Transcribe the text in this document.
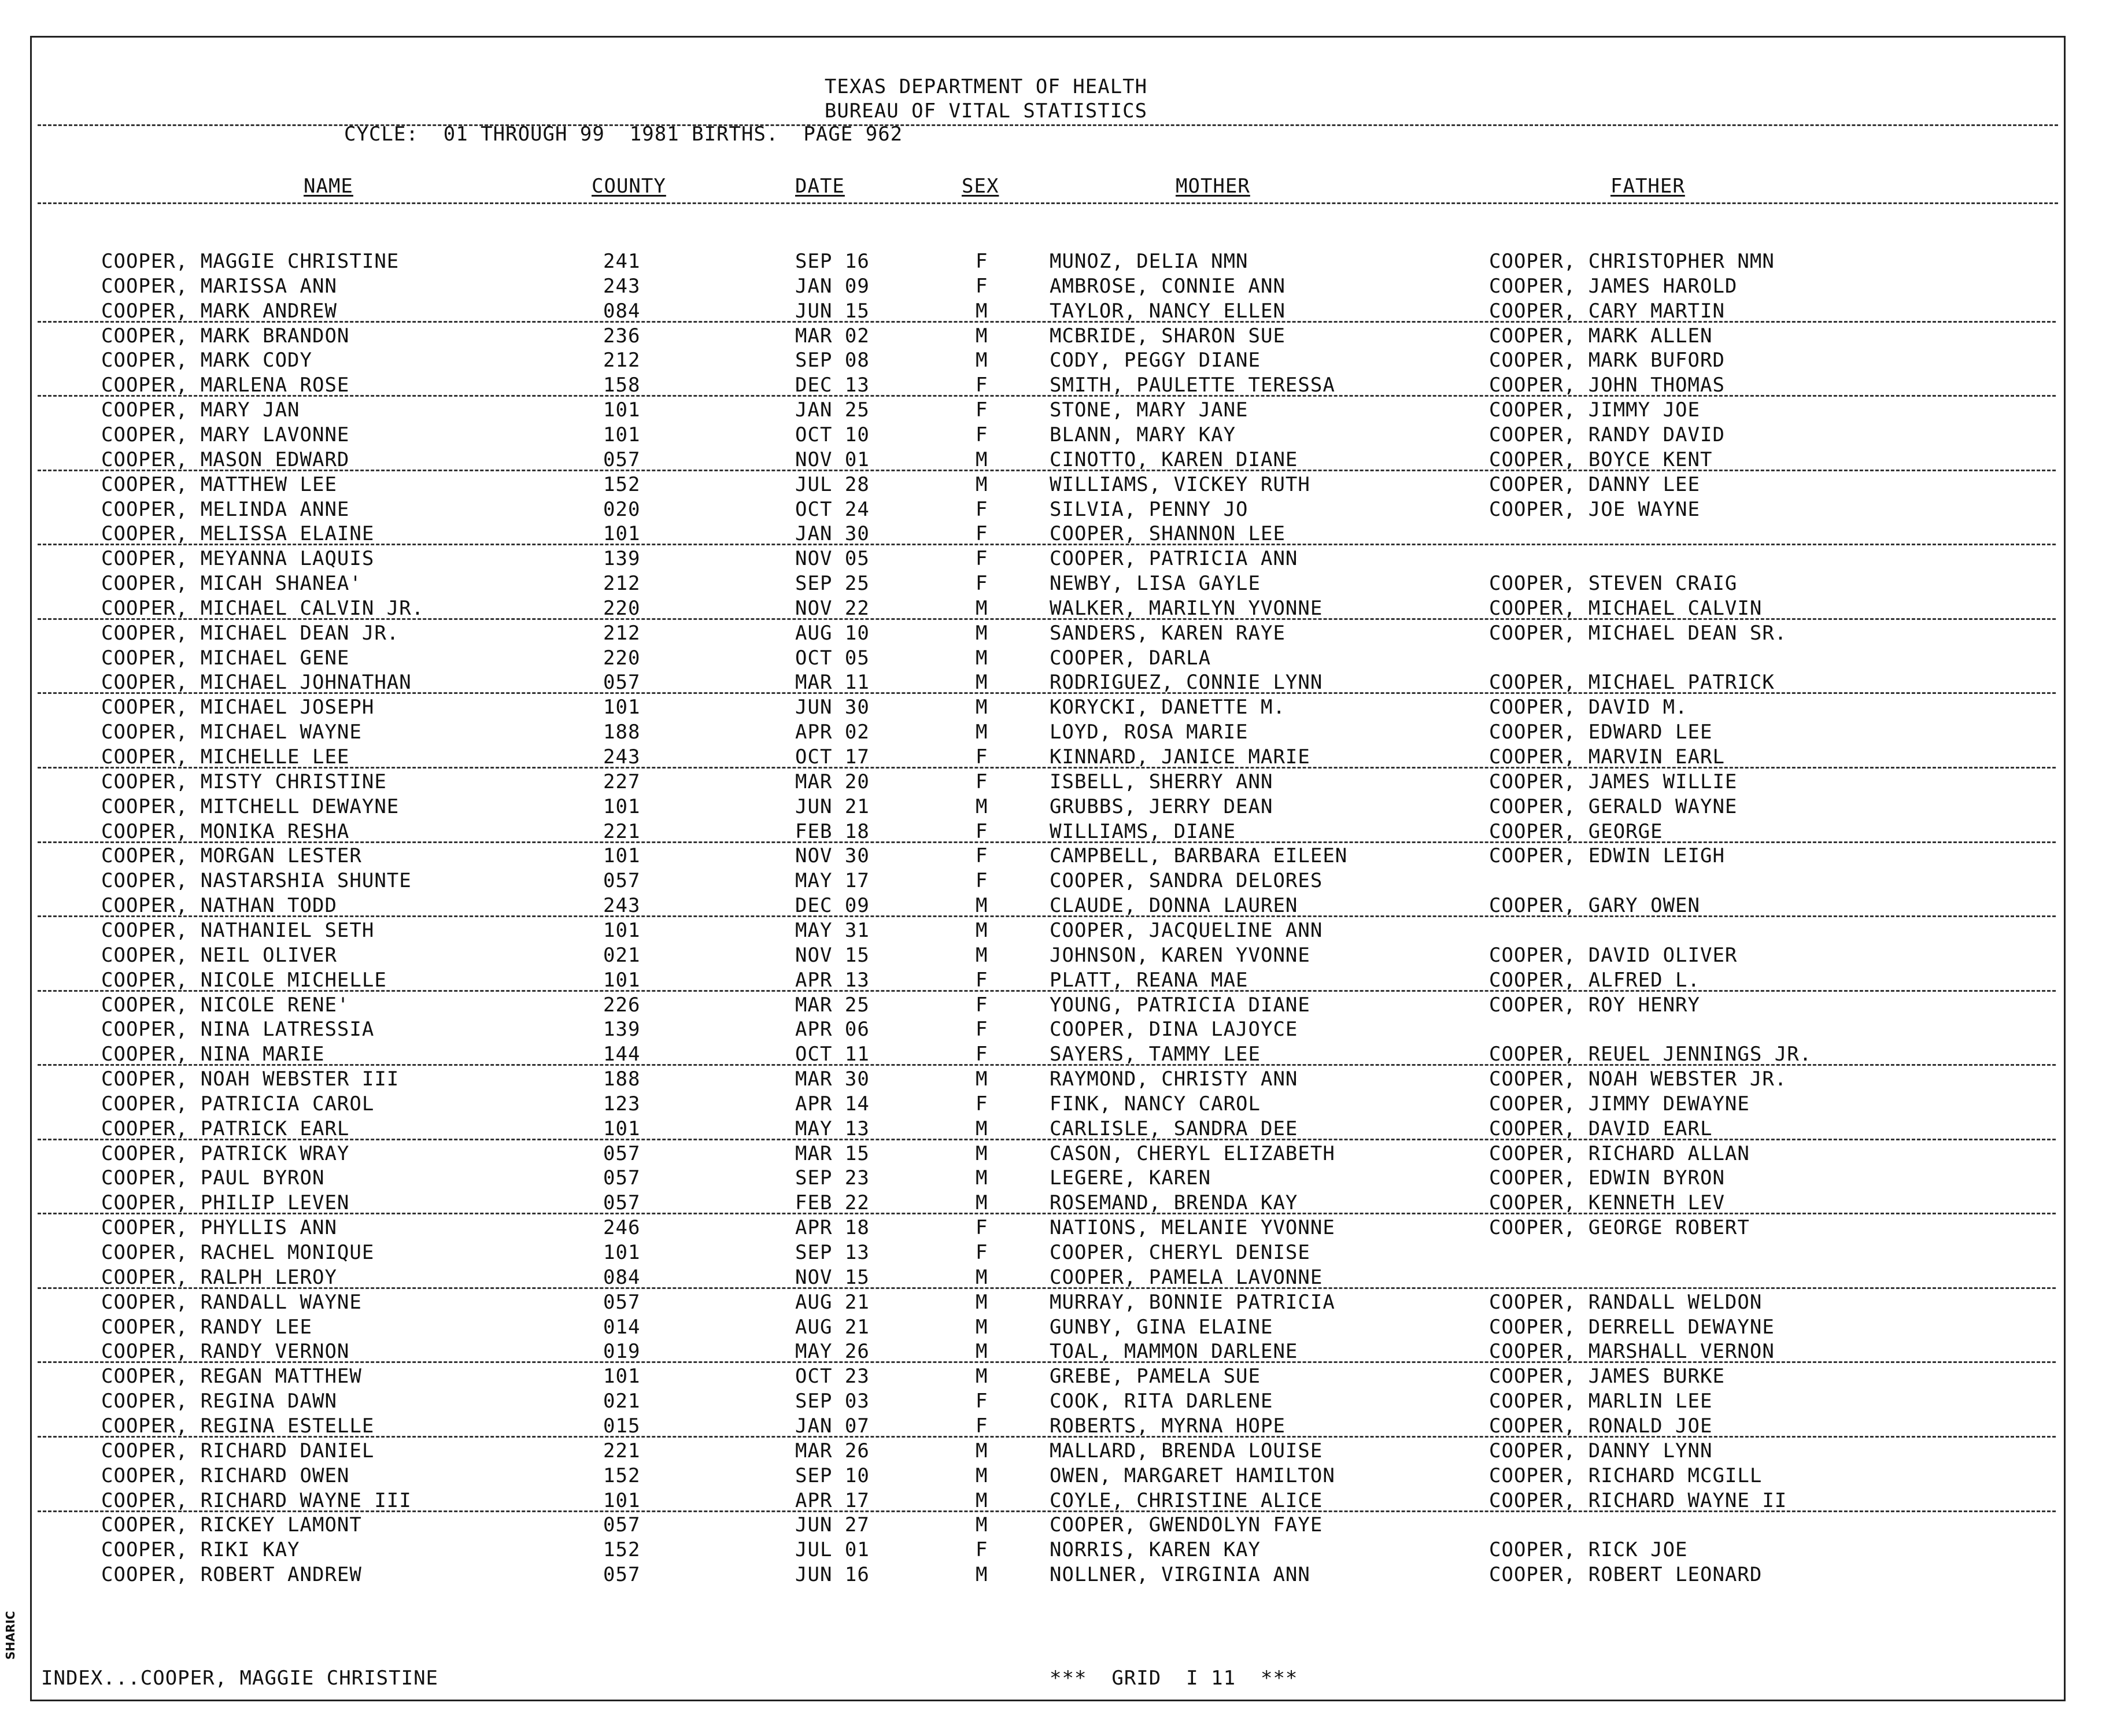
TEXAS DEPARTMENT OF HEALTH
BUREAU OF VITAL STATISTICS
CYCLE:  01 THROUGH 99  1981 BIRTHS.  PAGE 962
NAME	COUNTY	DATE	SEX	MOTHER	FATHER
COOPER, MAGGIE CHRISTINE	241	SEP 16	F	MUNOZ, DELIA NMN	COOPER, CHRISTOPHER NMN
COOPER, MARISSA ANN	243	JAN 09	F	AMBROSE, CONNIE ANN	COOPER, JAMES HAROLD
COOPER, MARK ANDREW	084	JUN 15	M	TAYLOR, NANCY ELLEN	COOPER, CARY MARTIN
COOPER, MARK BRANDON	236	MAR 02	M	MCBRIDE, SHARON SUE	COOPER, MARK ALLEN
COOPER, MARK CODY	212	SEP 08	M	CODY, PEGGY DIANE	COOPER, MARK BUFORD
COOPER, MARLENA ROSE	158	DEC 13	F	SMITH, PAULETTE TERESSA	COOPER, JOHN THOMAS
COOPER, MARY JAN	101	JAN 25	F	STONE, MARY JANE	COOPER, JIMMY JOE
COOPER, MARY LAVONNE	101	OCT 10	F	BLANN, MARY KAY	COOPER, RANDY DAVID
COOPER, MASON EDWARD	057	NOV 01	M	CINOTTO, KAREN DIANE	COOPER, BOYCE KENT
COOPER, MATTHEW LEE	152	JUL 28	M	WILLIAMS, VICKEY RUTH	COOPER, DANNY LEE
COOPER, MELINDA ANNE	020	OCT 24	F	SILVIA, PENNY JO	COOPER, JOE WAYNE
COOPER, MELISSA ELAINE	101	JAN 30	F	COOPER, SHANNON LEE
COOPER, MEYANNA LAQUIS	139	NOV 05	F	COOPER, PATRICIA ANN
COOPER, MICAH SHANEA'	212	SEP 25	F	NEWBY, LISA GAYLE	COOPER, STEVEN CRAIG
COOPER, MICHAEL CALVIN JR.	220	NOV 22	M	WALKER, MARILYN YVONNE	COOPER, MICHAEL CALVIN
COOPER, MICHAEL DEAN JR.	212	AUG 10	M	SANDERS, KAREN RAYE	COOPER, MICHAEL DEAN SR.
COOPER, MICHAEL GENE	220	OCT 05	M	COOPER, DARLA
COOPER, MICHAEL JOHNATHAN	057	MAR 11	M	RODRIGUEZ, CONNIE LYNN	COOPER, MICHAEL PATRICK
COOPER, MICHAEL JOSEPH	101	JUN 30	M	KORYCKI, DANETTE M.	COOPER, DAVID M.
COOPER, MICHAEL WAYNE	188	APR 02	M	LOYD, ROSA MARIE	COOPER, EDWARD LEE
COOPER, MICHELLE LEE	243	OCT 17	F	KINNARD, JANICE MARIE	COOPER, MARVIN EARL
COOPER, MISTY CHRISTINE	227	MAR 20	F	ISBELL, SHERRY ANN	COOPER, JAMES WILLIE
COOPER, MITCHELL DEWAYNE	101	JUN 21	M	GRUBBS, JERRY DEAN	COOPER, GERALD WAYNE
COOPER, MONIKA RESHA	221	FEB 18	F	WILLIAMS, DIANE	COOPER, GEORGE
COOPER, MORGAN LESTER	101	NOV 30	F	CAMPBELL, BARBARA EILEEN	COOPER, EDWIN LEIGH
COOPER, NASTARSHIA SHUNTE	057	MAY 17	F	COOPER, SANDRA DELORES
COOPER, NATHAN TODD	243	DEC 09	M	CLAUDE, DONNA LAUREN	COOPER, GARY OWEN
COOPER, NATHANIEL SETH	101	MAY 31	M	COOPER, JACQUELINE ANN
COOPER, NEIL OLIVER	021	NOV 15	M	JOHNSON, KAREN YVONNE	COOPER, DAVID OLIVER
COOPER, NICOLE MICHELLE	101	APR 13	F	PLATT, REANA MAE	COOPER, ALFRED L.
COOPER, NICOLE RENE'	226	MAR 25	F	YOUNG, PATRICIA DIANE	COOPER, ROY HENRY
COOPER, NINA LATRESSIA	139	APR 06	F	COOPER, DINA LAJOYCE
COOPER, NINA MARIE	144	OCT 11	F	SAYERS, TAMMY LEE	COOPER, REUEL JENNINGS JR.
COOPER, NOAH WEBSTER III	188	MAR 30	M	RAYMOND, CHRISTY ANN	COOPER, NOAH WEBSTER JR.
COOPER, PATRICIA CAROL	123	APR 14	F	FINK, NANCY CAROL	COOPER, JIMMY DEWAYNE
COOPER, PATRICK EARL	101	MAY 13	M	CARLISLE, SANDRA DEE	COOPER, DAVID EARL
COOPER, PATRICK WRAY	057	MAR 15	M	CASON, CHERYL ELIZABETH	COOPER, RICHARD ALLAN
COOPER, PAUL BYRON	057	SEP 23	M	LEGERE, KAREN	COOPER, EDWIN BYRON
COOPER, PHILIP LEVEN	057	FEB 22	M	ROSEMAND, BRENDA KAY	COOPER, KENNETH LEV
COOPER, PHYLLIS ANN	246	APR 18	F	NATIONS, MELANIE YVONNE	COOPER, GEORGE ROBERT
COOPER, RACHEL MONIQUE	101	SEP 13	F	COOPER, CHERYL DENISE
COOPER, RALPH LEROY	084	NOV 15	M	COOPER, PAMELA LAVONNE
COOPER, RANDALL WAYNE	057	AUG 21	M	MURRAY, BONNIE PATRICIA	COOPER, RANDALL WELDON
COOPER, RANDY LEE	014	AUG 21	M	GUNBY, GINA ELAINE	COOPER, DERRELL DEWAYNE
COOPER, RANDY VERNON	019	MAY 26	M	TOAL, MAMMON DARLENE	COOPER, MARSHALL VERNON
COOPER, REGAN MATTHEW	101	OCT 23	M	GREBE, PAMELA SUE	COOPER, JAMES BURKE
COOPER, REGINA DAWN	021	SEP 03	F	COOK, RITA DARLENE	COOPER, MARLIN LEE
COOPER, REGINA ESTELLE	015	JAN 07	F	ROBERTS, MYRNA HOPE	COOPER, RONALD JOE
COOPER, RICHARD DANIEL	221	MAR 26	M	MALLARD, BRENDA LOUISE	COOPER, DANNY LYNN
COOPER, RICHARD OWEN	152	SEP 10	M	OWEN, MARGARET HAMILTON	COOPER, RICHARD MCGILL
COOPER, RICHARD WAYNE III	101	APR 17	M	COYLE, CHRISTINE ALICE	COOPER, RICHARD WAYNE II
COOPER, RICKEY LAMONT	057	JUN 27	M	COOPER, GWENDOLYN FAYE
COOPER, RIKI KAY	152	JUL 01	F	NORRIS, KAREN KAY	COOPER, RICK JOE
COOPER, ROBERT ANDREW	057	JUN 16	M	NOLLNER, VIRGINIA ANN	COOPER, ROBERT LEONARD
INDEX...COOPER, MAGGIE CHRISTINE	***  GRID  I 11  ***
SHARIC
